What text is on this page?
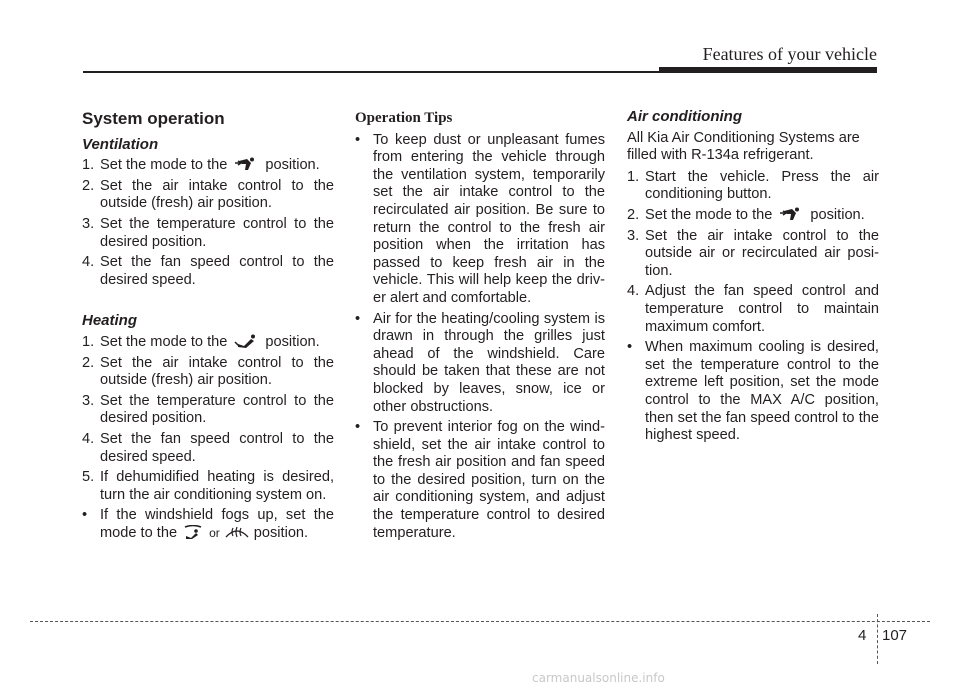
Features of your vehicle
System operation
Ventilation
1. Set the mode to the	position.
2. Set the air intake control to the outside (fresh) air position.
3. Set the temperature control to the desired position.
4. Set the fan speed control to the desired speed.
Heating
1. Set the mode to the	position.
2. Set the air intake control to the outside (fresh) air position.
3. Set the temperature control to the desired position.
4. Set the fan speed control to the desired speed.
5. If dehumidified heating is desired, turn the air conditioning system on.
• If the windshield fogs up, set the mode to the	or position.
Operation Tips
• To keep dust or unpleasant fumes from entering the vehicle through the ventilation system, temporarily set the air intake control to the recirculated air position. Be sure to return the control to the fresh air position when the irritation has passed to keep fresh air in the vehicle. This will help keep the driv-er alert and comfortable.
• Air for the heating/cooling system is drawn in through the grilles just ahead of the windshield. Care should be taken that these are not blocked by leaves, snow, ice or other obstructions.
• To prevent interior fog on the wind-shield, set the air intake control to the fresh air position and fan speed to the desired position, turn on the air conditioning system, and adjust the temperature control to desired temperature.
Air conditioning

All Kia Air Conditioning Systems are filled with R-134a refrigerant.

1. Start the vehicle. Press the air conditioning button.
2. Set the mode to the	position.
3. Set the air intake control to the outside air or recirculated air posi-tion.
4. Adjust the fan speed control and temperature control to maintain maximum comfort.
• When maximum cooling is desired, set the temperature control to the extreme left position, set the mode control to the MAX A/C position, then set the fan speed control to the highest speed.
4 107
carmanualsonline.info
